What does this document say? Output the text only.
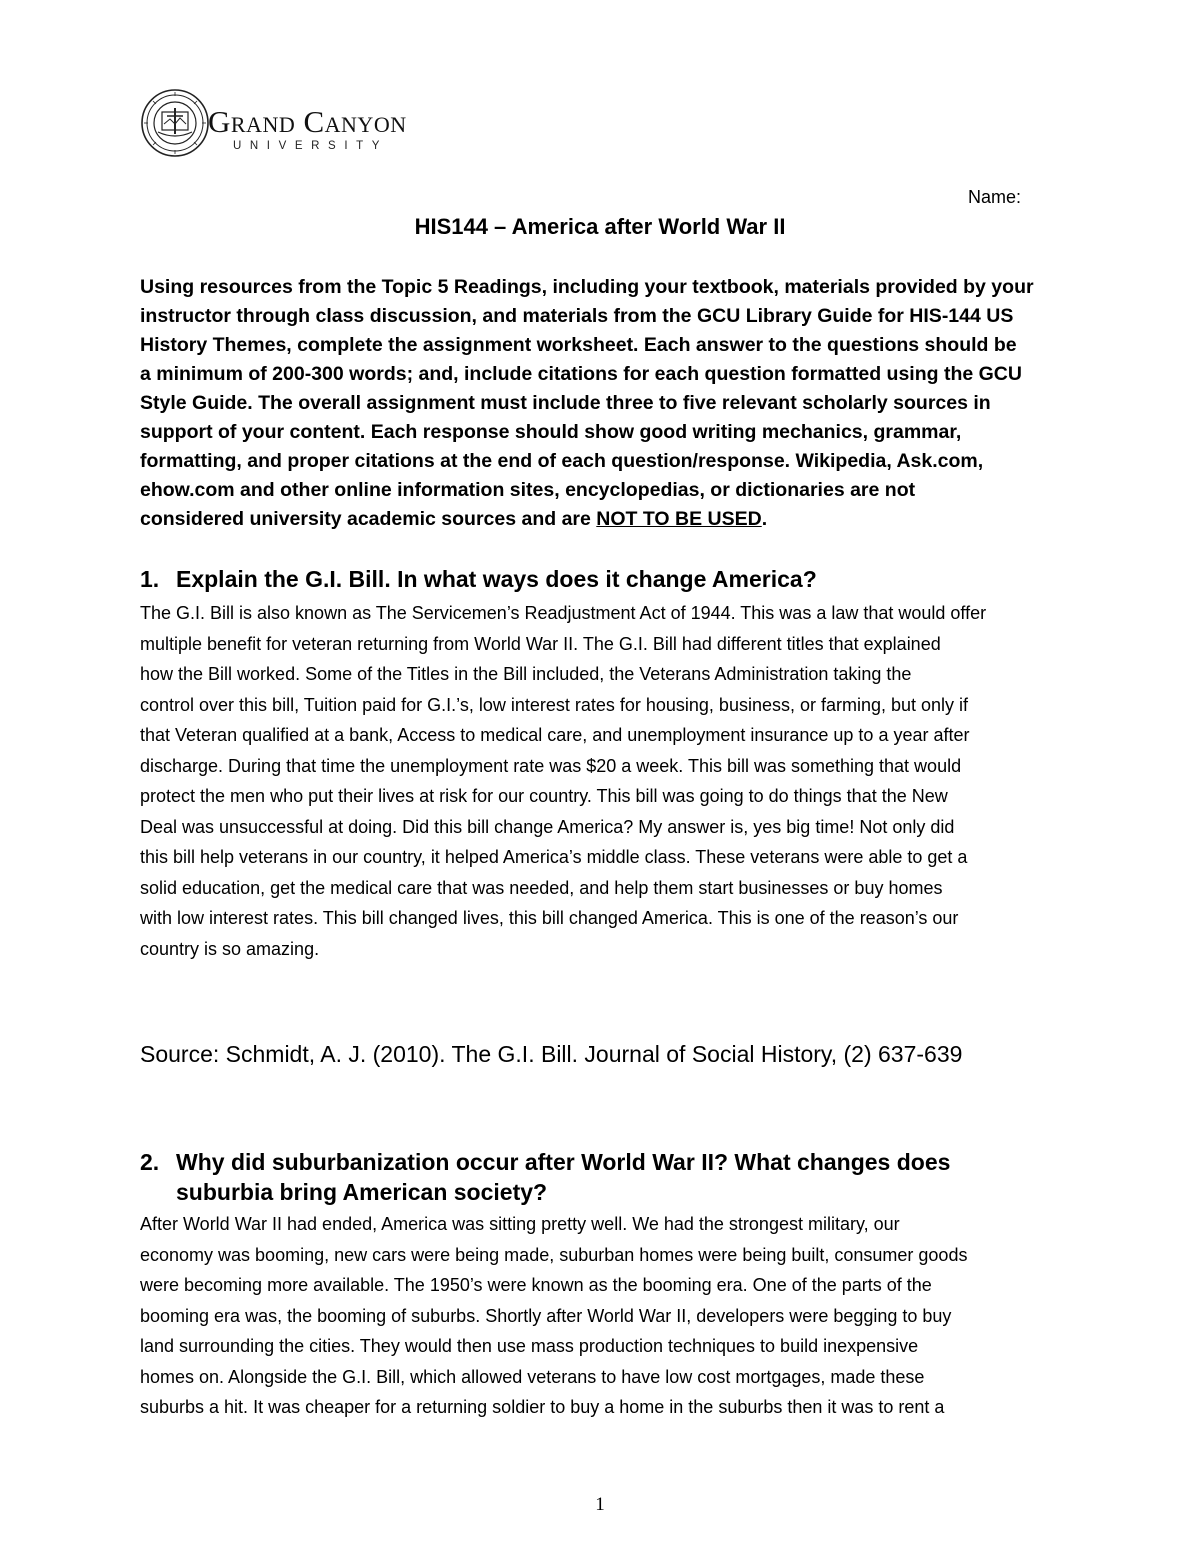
Grand Canyon
UNIVERSITY
Name:
HIS144 – America after World War II
Using resources from the Topic 5 Readings, including your textbook, materials provided by your
instructor through class discussion, and materials from the GCU Library Guide for HIS-144 US
History Themes, complete the assignment worksheet. Each answer to the questions should be
a minimum of 200-300 words; and, include citations for each question formatted using the GCU
Style Guide. The overall assignment must include three to five relevant scholarly sources in
support of your content. Each response should show good writing mechanics, grammar,
formatting, and proper citations at the end of each question/response. Wikipedia, Ask.com,
ehow.com and other online information sites, encyclopedias, or dictionaries are not
considered university academic sources and are NOT TO BE USED.
1. Explain the G.I. Bill. In what ways does it change America?
The G.I. Bill is also known as The Servicemen’s Readjustment Act of 1944. This was a law that would offer
multiple benefit for veteran returning from World War II. The G.I. Bill had different titles that explained
how the Bill worked. Some of the Titles in the Bill included, the Veterans Administration taking the
control over this bill, Tuition paid for G.I.’s, low interest rates for housing, business, or farming, but only if
that Veteran qualified at a bank, Access to medical care, and unemployment insurance up to a year after
discharge. During that time the unemployment rate was $20 a week. This bill was something that would
protect the men who put their lives at risk for our country. This bill was going to do things that the New
Deal was unsuccessful at doing. Did this bill change America? My answer is, yes big time! Not only did
this bill help veterans in our country, it helped America’s middle class. These veterans were able to get a
solid education, get the medical care that was needed, and help them start businesses or buy homes
with low interest rates. This bill changed lives, this bill changed America. This is one of the reason’s our
country is so amazing.
Source: Schmidt, A. J. (2010). The G.I. Bill. Journal of Social History, (2) 637-639
2. Why did suburbanization occur after World War II? What changes does
suburbia bring American society?
After World War II had ended, America was sitting pretty well. We had the strongest military, our
economy was booming, new cars were being made, suburban homes were being built, consumer goods
were becoming more available. The 1950’s were known as the booming era. One of the parts of the
booming era was, the booming of suburbs. Shortly after World War II, developers were begging to buy
land surrounding the cities. They would then use mass production techniques to build inexpensive
homes on. Alongside the G.I. Bill, which allowed veterans to have low cost mortgages, made these
suburbs a hit. It was cheaper for a returning soldier to buy a home in the suburbs then it was to rent a
1
